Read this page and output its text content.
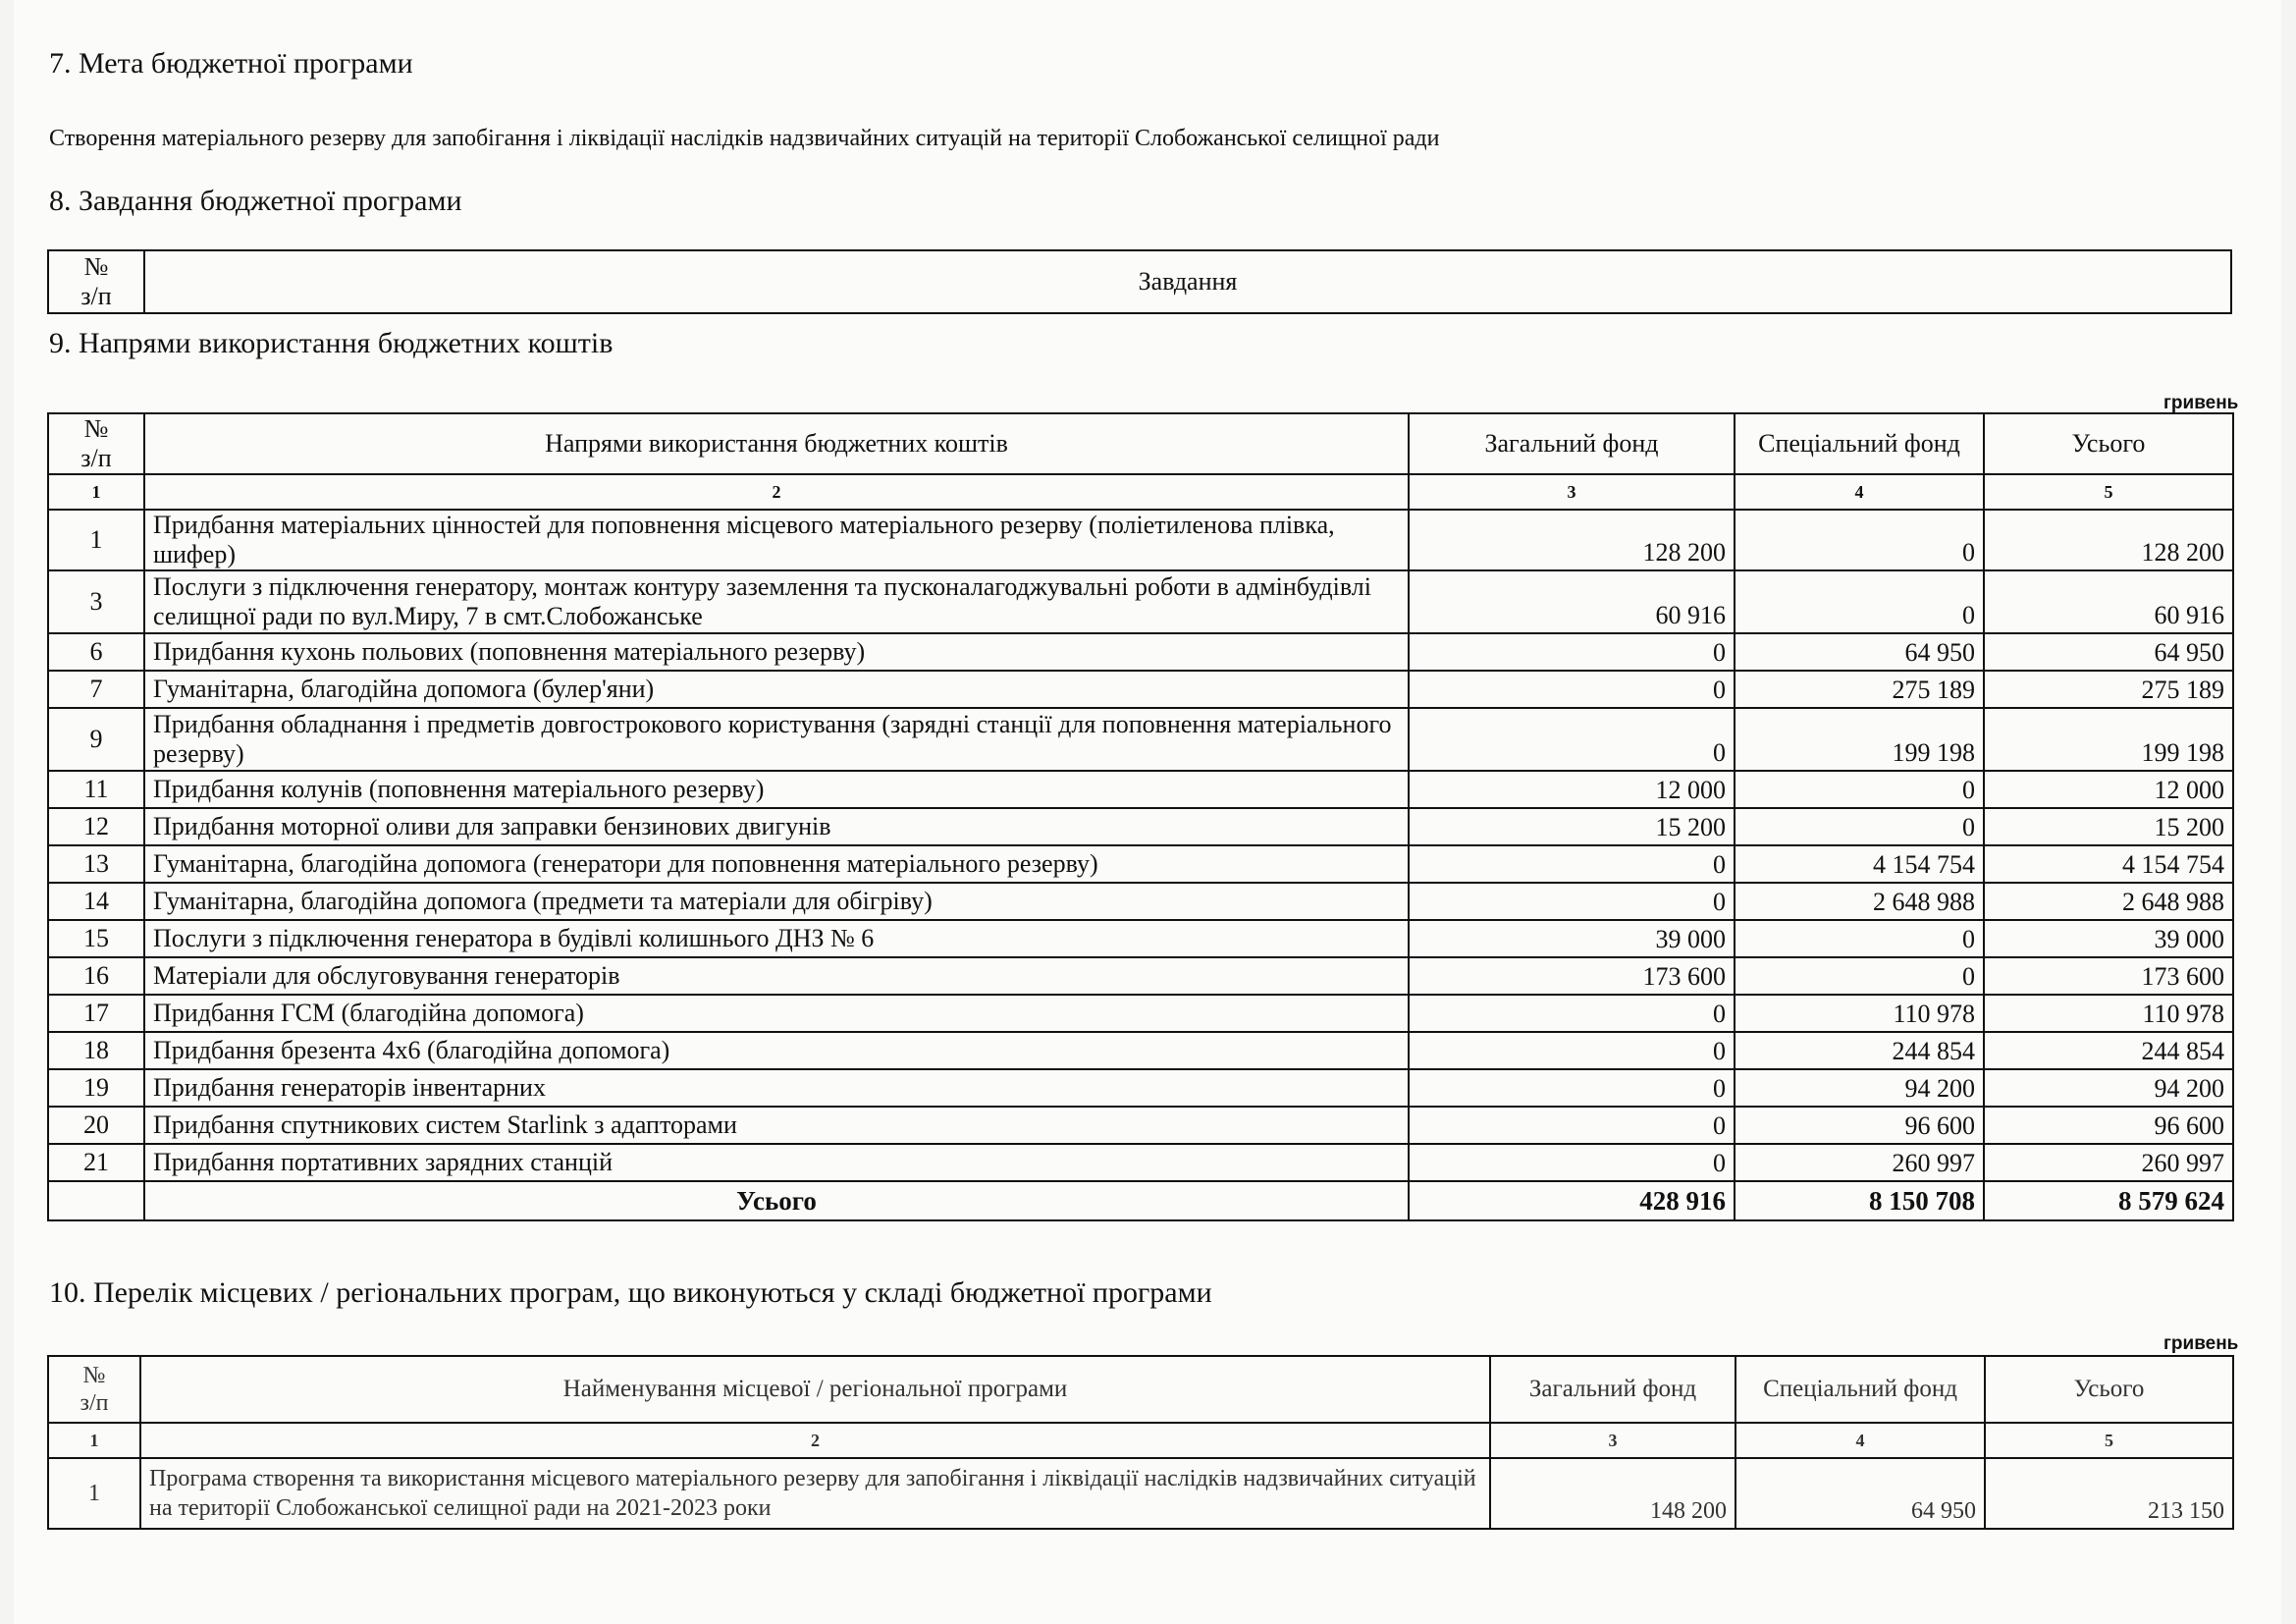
7. Мета бюджетної програми
Створення матеріального резерву для запобігання і ліквідації наслідків надзвичайних ситуацій на території Слобожанської селищної ради
8. Завдання бюджетної програми
№
з/п	Завдання
9. Напрями використання бюджетних коштів
гривень
№
з/п	Напрями використання бюджетних коштів	Загальний фонд	Спеціальний фонд	Усього
1	2	3	4	5
1	Придбання матеріальних цінностей для поповнення місцевого матеріального резерву (поліетиленова плівка, шифер)	128 200	0	128 200
3	Послуги з підключення генератору, монтаж контуру заземлення та пусконалагоджувальні роботи в адмінбудівлі селищної ради по вул.Миру, 7 в смт.Слобожанське	60 916	0	60 916
6	Придбання кухонь польових (поповнення матеріального резерву)	0	64 950	64 950
7	Гуманітарна, благодійна допомога (булер'яни)	0	275 189	275 189
9	Придбання обладнання і предметів довгострокового користування (зарядні станції для поповнення матеріального резерву)	0	199 198	199 198
11	Придбання колунів (поповнення матеріального резерву)	12 000	0	12 000
12	Придбання моторної оливи для заправки бензинових двигунів	15 200	0	15 200
13	Гуманітарна, благодійна допомога (генератори для поповнення матеріального резерву)	0	4 154 754	4 154 754
14	Гуманітарна, благодійна допомога (предмети та матеріали для обігріву)	0	2 648 988	2 648 988
15	Послуги з підключення генератора в будівлі колишнього ДНЗ № 6	39 000	0	39 000
16	Матеріали для обслуговування генераторів	173 600	0	173 600
17	Придбання ГСМ (благодійна допомога)	0	110 978	110 978
18	Придбання брезента 4х6 (благодійна допомога)	0	244 854	244 854
19	Придбання генераторів інвентарних	0	94 200	94 200
20	Придбання спутникових систем Starlink з адапторами	0	96 600	96 600
21	Придбання портативних зарядних станцій	0	260 997	260 997
	Усього	428 916	8 150 708	8 579 624
10. Перелік місцевих / регіональних програм, що виконуються у складі бюджетної програми
гривень
№
з/п	Найменування місцевої / регіональної програми	Загальний фонд	Спеціальний фонд	Усього
1	2	3	4	5
1	Програма створення та використання місцевого матеріального резерву для запобігання і ліквідації наслідків надзвичайних ситуацій на території Слобожанської селищної ради на 2021-2023 роки	148 200	64 950	213 150
